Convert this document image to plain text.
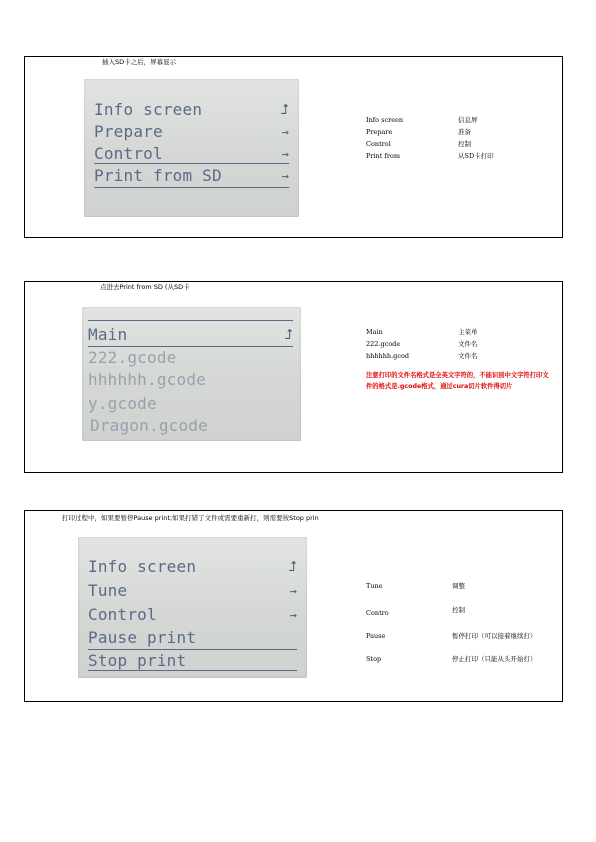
插入SD卡之后，屏幕显示
Info screen	⮥
Prepare	→
Control	→
Print from SD	→
Info screen	信息屏
Prepare	准备
Control	控制
Print from	从SD卡打印
点进去Print from SD (从SD卡
Main	⮥
222.gcode
hhhhhh.gcode
y.gcode
Dragon.gcode
Main	主菜单
222.gcode	文件名
hhhhhh.gcod	文件名
注意打印的文件名格式是全英文字符的，不能识别中文字符打印文件的格式是.gcode格式，通过cura切片软件得切片
打印过程中，如果要暂停Pause print;如果打错了文件或需要重新打，则需要按Stop prin
Info screen	⮥
Tune	→
Control	→
Pause print
Stop print
Tune	调整
Contro	控制
Pause	暂停打印（可以接着继续打）
Stop	停止打印（只能从头开始打）
